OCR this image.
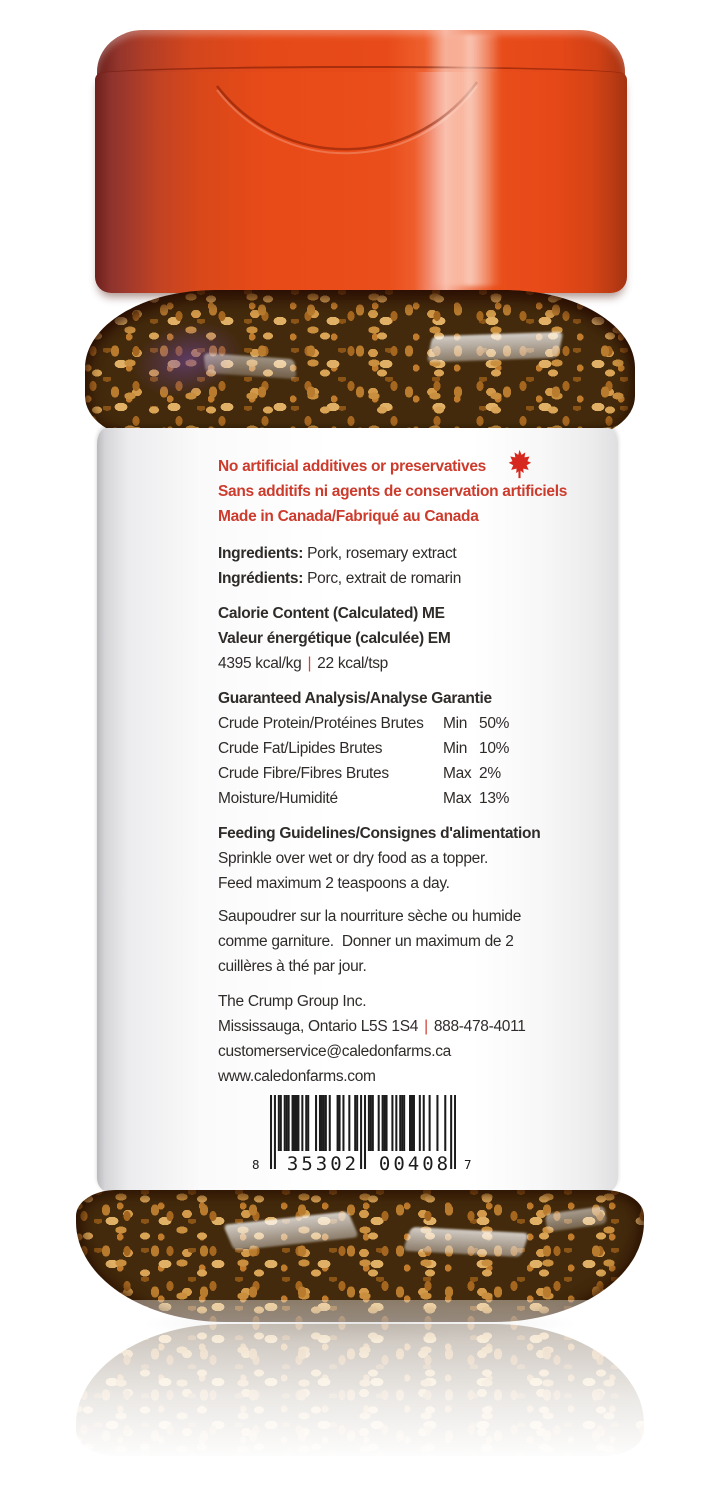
No artificial additives or preservatives
Sans additifs ni agents de conservation artificiels
Made in Canada/Fabriqué au Canada
Ingredients: Pork, rosemary extract
Ingrédients: Porc, extrait de romarin
Calorie Content (Calculated) ME
Valeur énergétique (calculée) EM
4395 kcal/kg | 22 kcal/tsp
Guaranteed Analysis/Analyse Garantie
Crude Protein/Protéines Brutes	Min 50%
Crude Fat/Lipides Brutes	Min 10%
Crude Fibre/Fibres Brutes	Max 2%
Moisture/Humidité	Max 13%
Feeding Guidelines/Consignes d'alimentation
Sprinkle over wet or dry food as a topper.
Feed maximum 2 teaspoons a day.
Saupoudrer sur la nourriture sèche ou humide
comme garniture.  Donner un maximum de 2
cuillères à thé par jour.
The Crump Group Inc.
Mississauga, Ontario L5S 1S4 | 888-478-4011
customerservice@caledonfarms.ca
www.caledonfarms.com
8 35302 00408 7
